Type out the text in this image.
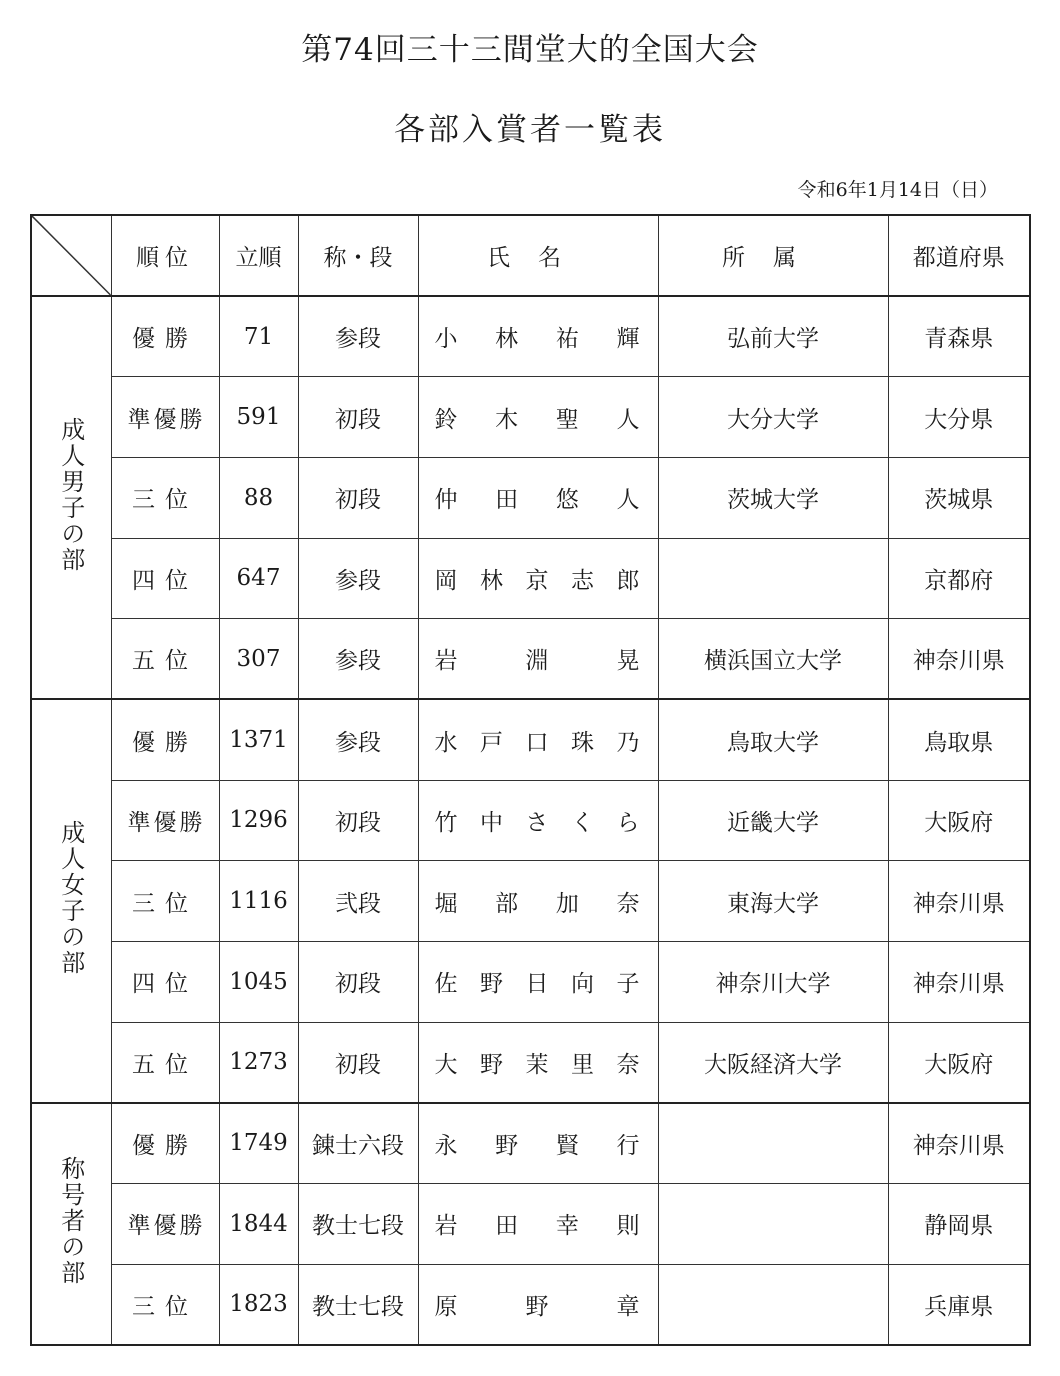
第74回三十三間堂大的全国大会
各部入賞者一覧表
令和6年1月14日（日）
	順位	立順	称・段	氏名	所属	都道府県
成人男子の部	優勝	71	参段	小 林 祐 輝	弘前大学	青森県
	準優勝	591	初段	鈴 木 聖 人	大分大学	大分県
	三位	88	初段	仲 田 悠 人	茨城大学	茨城県
	四位	647	参段	岡 林 京 志 郎		京都府
	五位	307	参段	岩 淵 晃	横浜国立大学	神奈川県
成人女子の部	優勝	1371	参段	水 戸 口 珠 乃	鳥取大学	鳥取県
	準優勝	1296	初段	竹 中 さ く ら	近畿大学	大阪府
	三位	1116	弐段	堀 部 加 奈	東海大学	神奈川県
	四位	1045	初段	佐 野 日 向 子	神奈川大学	神奈川県
	五位	1273	初段	大 野 茉 里 奈	大阪経済大学	大阪府
称号者の部	優勝	1749	錬士六段	永 野 賢 行		神奈川県
	準優勝	1844	教士七段	岩 田 幸 則		静岡県
	三位	1823	教士七段	原 野 章		兵庫県
